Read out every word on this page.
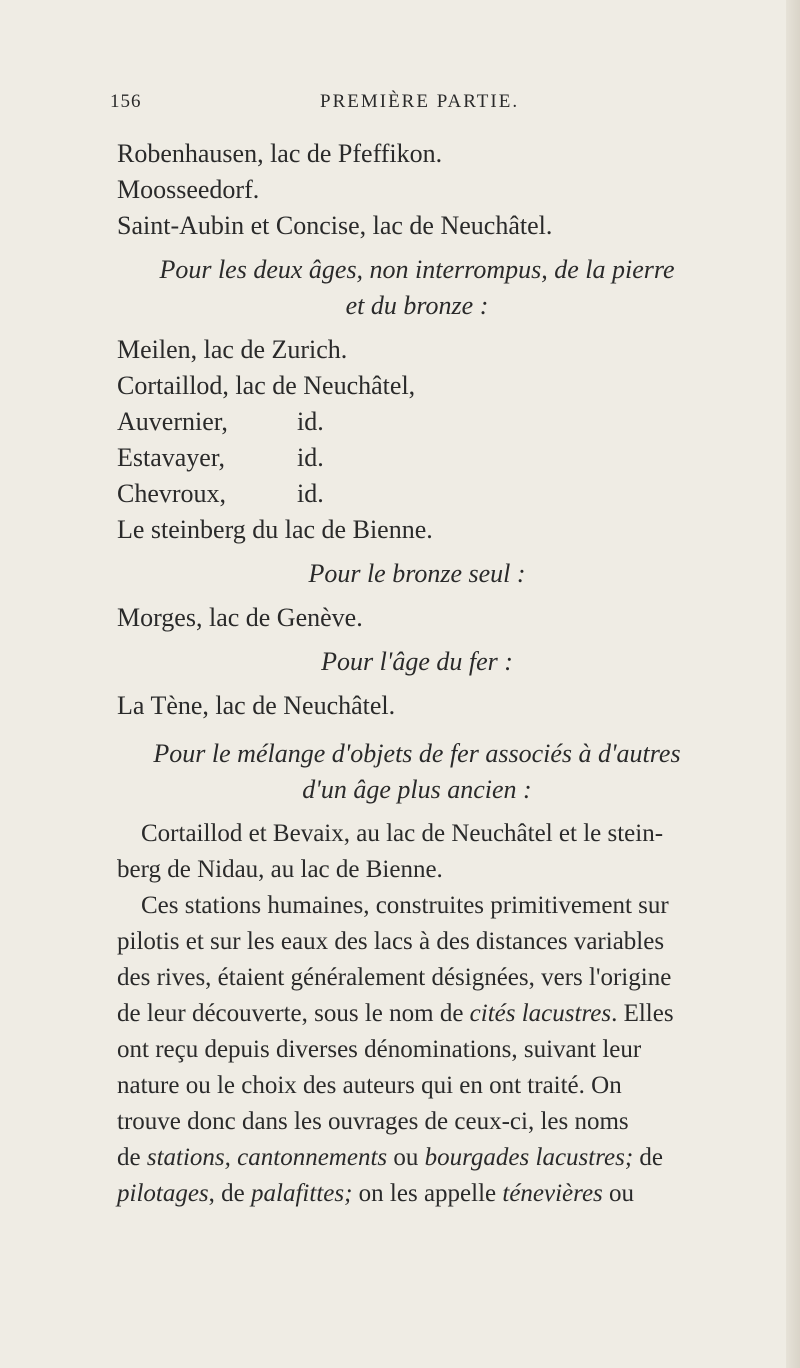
156	PREMIÈRE PARTIE.
Robenhausen, lac de Pfeffikon.
Moosseedorf.
Saint-Aubin et Concise, lac de Neuchâtel.
Pour les deux âges, non interrompus, de la pierre
et du bronze :
Meilen, lac de Zurich.
Cortaillod, lac de Neuchâtel,
Auvernier,	id.
Estavayer,	id.
Chevroux,	id.
Le steinberg du lac de Bienne.
Pour le bronze seul :
Morges, lac de Genève.
Pour l'âge du fer :
La Tène, lac de Neuchâtel.
Pour le mélange d'objets de fer associés à d'autres
d'un âge plus ancien :
Cortaillod et Bevaix, au lac de Neuchâtel et le stein-
berg de Nidau, au lac de Bienne.
Ces stations humaines, construites primitivement sur
pilotis et sur les eaux des lacs à des distances variables
des rives, étaient généralement désignées, vers l'origine
de leur découverte, sous le nom de cités lacustres. Elles
ont reçu depuis diverses dénominations, suivant leur
nature ou le choix des auteurs qui en ont traité. On
trouve donc dans les ouvrages de ceux-ci, les noms
de stations, cantonnements ou bourgades lacustres; de
pilotages, de palafittes; on les appelle ténevières ou
